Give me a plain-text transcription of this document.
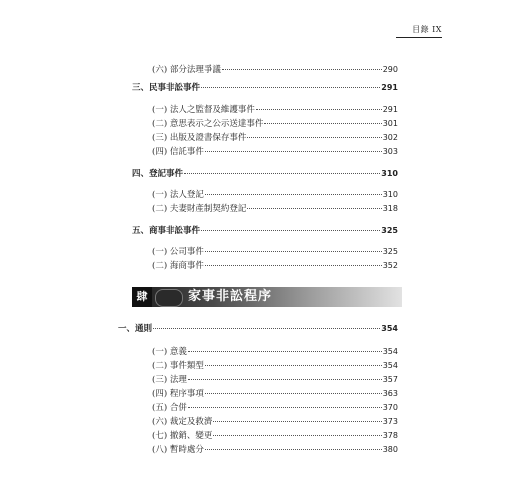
目錄 IX
(六) 部分法理爭議	290
三、民事非訟事件	291
(一) 法人之監督及維護事件	291
(二) 意思表示之公示送達事件	301
(三) 出版及證書保存事件	302
(四) 信託事件	303
四、登記事件	310
(一) 法人登記	310
(二) 夫妻財產制契約登記	318
五、商事非訟事件	325
(一) 公司事件	325
(二) 海商事件	352
肆	家事非訟程序
一、通則	354
(一) 意義	354
(二) 事件類型	354
(三) 法理	357
(四) 程序事項	363
(五) 合併	370
(六) 裁定及救濟	373
(七) 撤銷、變更	378
(八) 暫時處分	380
